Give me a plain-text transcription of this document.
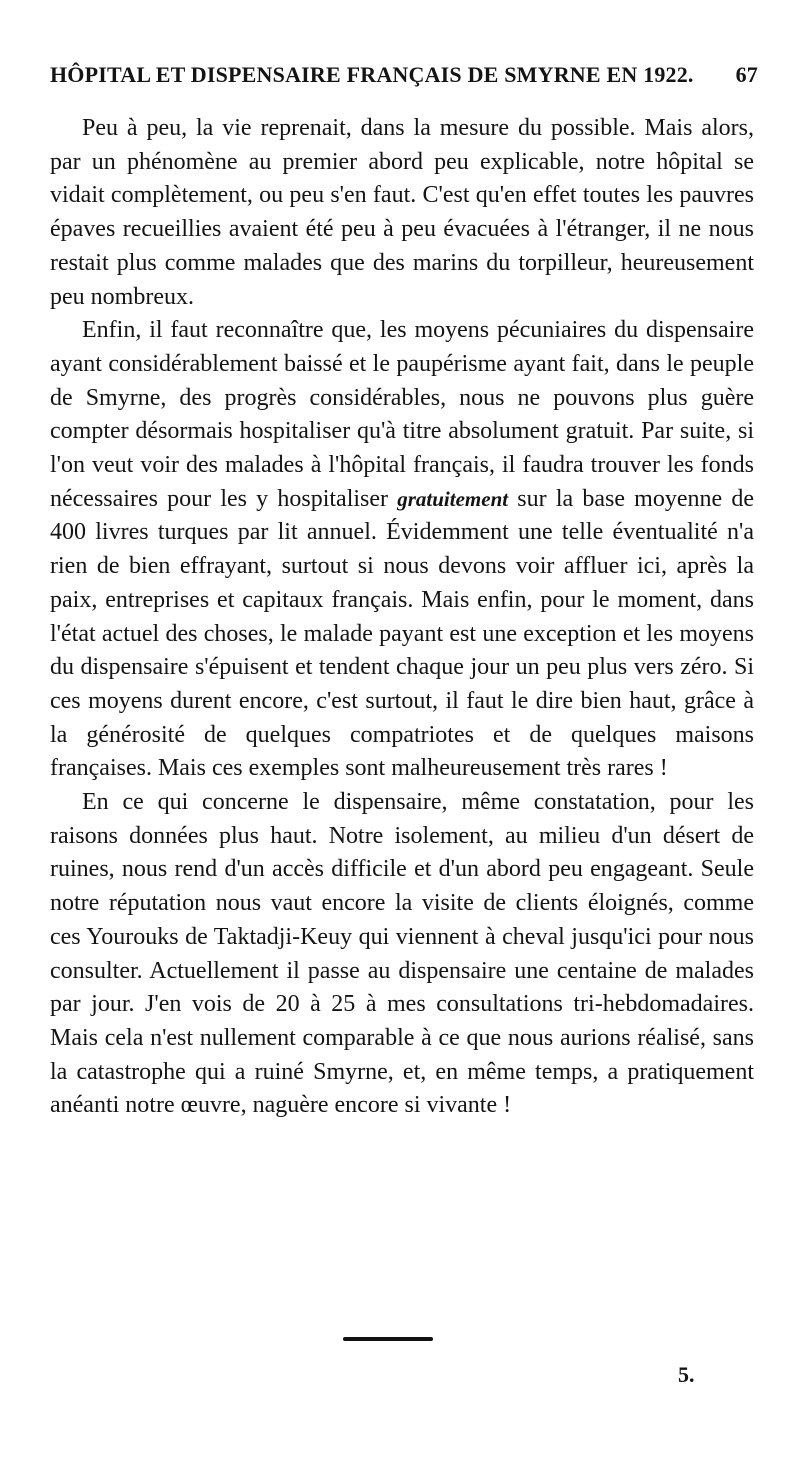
HÔPITAL ET DISPENSAIRE FRANÇAIS DE SMYRNE EN 1922. 67

Peu à peu, la vie reprenait, dans la mesure du possible. Mais alors, par un phénomène au premier abord peu explicable, notre hôpital se vidait complètement, ou peu s'en faut. C'est qu'en effet toutes les pauvres épaves recueillies avaient été peu à peu évacuées à l'étranger, il ne nous restait plus comme malades que des marins du torpilleur, heureusement peu nombreux.

Enfin, il faut reconnaître que, les moyens pécuniaires du dispensaire ayant considérablement baissé et le paupérisme ayant fait, dans le peuple de Smyrne, des progrès considérables, nous ne pouvons plus guère compter désormais hospitaliser qu'à titre absolument gratuit. Par suite, si l'on veut voir des malades à l'hôpital français, il faudra trouver les fonds nécessaires pour les y hospitaliser gratuitement sur la base moyenne de 400 livres turques par lit annuel. Évidemment une telle éventualité n'a rien de bien effrayant, surtout si nous devons voir affluer ici, après la paix, entreprises et capitaux français. Mais enfin, pour le moment, dans l'état actuel des choses, le malade payant est une exception et les moyens du dispensaire s'épuisent et tendent chaque jour un peu plus vers zéro. Si ces moyens durent encore, c'est surtout, il faut le dire bien haut, grâce à la générosité de quelques compatriotes et de quelques maisons françaises. Mais ces exemples sont malheureusement très rares !

En ce qui concerne le dispensaire, même constatation, pour les raisons données plus haut. Notre isolement, au milieu d'un désert de ruines, nous rend d'un accès difficile et d'un abord peu engageant. Seule notre réputation nous vaut encore la visite de clients éloignés, comme ces Yourouks de Taktadji-Keuy qui viennent à cheval jusqu'ici pour nous consulter. Actuellement il passe au dispensaire une centaine de malades par jour. J'en vois de 20 à 25 à mes consultations tri-hebdomadaires. Mais cela n'est nullement comparable à ce que nous aurions réalisé, sans la catastrophe qui a ruiné Smyrne, et, en même temps, a pratiquement anéanti notre œuvre, naguère encore si vivante !

5.
